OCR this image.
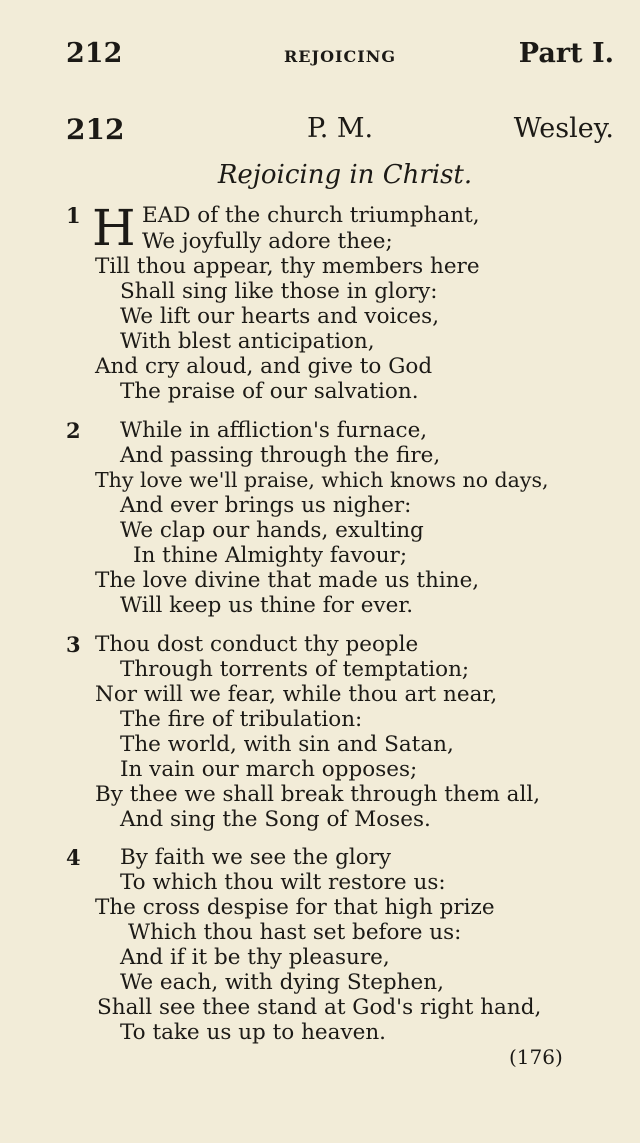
212	REJOICING	Part I.
212	P. M.	Wesley.
Rejoicing in Christ.
1 H EAD of the church triumphant,
We joyfully adore thee;
Till thou appear, thy members here
Shall sing like those in glory:
We lift our hearts and voices,
With blest anticipation,
And cry aloud, and give to God
The praise of our salvation.
2 While in affliction's furnace,
And passing through the fire,
Thy love we'll praise, which knows no days,
And ever brings us nigher:
We clap our hands, exulting
In thine Almighty favour;
The love divine that made us thine,
Will keep us thine for ever.
3 Thou dost conduct thy people
Through torrents of temptation;
Nor will we fear, while thou art near,
The fire of tribulation:
The world, with sin and Satan,
In vain our march opposes;
By thee we shall break through them all,
And sing the Song of Moses.
4 By faith we see the glory
To which thou wilt restore us:
The cross despise for that high prize
Which thou hast set before us:
And if it be thy pleasure,
We each, with dying Stephen,
Shall see thee stand at God's right hand,
To take us up to heaven.
(176)
